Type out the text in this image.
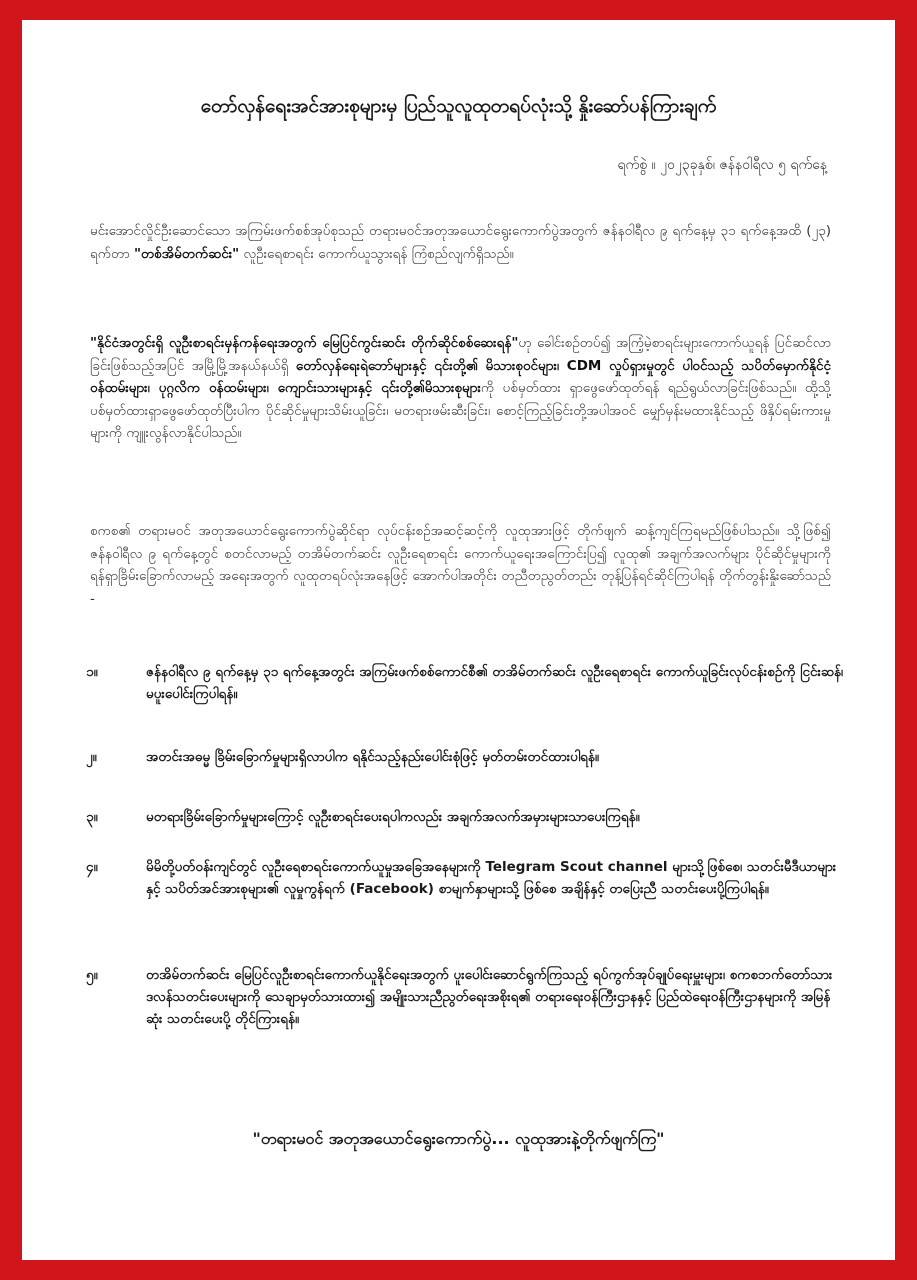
တော်လှန်ရေးအင်အားစုများမှ ပြည်သူလူထုတရပ်လုံးသို့ နှိုးဆော်ပန်ကြားချက်
ရက်စွဲ ။ ၂၀၂၃ခုနှစ်၊ ဇန်နဝါရီလ ၅ ရက်နေ့
မင်းအောင်လှိုင်ဦးဆောင်သော အကြမ်းဖက်စစ်အုပ်စုသည် တရားမဝင်အတုအယောင်ရွေးကောက်ပွဲအတွက် ဇန်နဝါရီလ ၉ ရက်နေ့မှ ၃၁ ရက်နေ့အထိ (၂၃) ရက်တာ "တစ်အိမ်တက်ဆင်း" လူဦးရေစာရင်း ကောက်ယူသွားရန် ကြံစည်လျက်ရှိသည်။
"နိုင်ငံအတွင်းရှိ လူဦးစာရင်းမှန်ကန်ရေးအတွက် မြေပြင်ကွင်းဆင်း တိုက်ဆိုင်စစ်ဆေးရန်"ဟု ခေါင်းစဉ်တပ်၍ အကြံ့မဲ့စာရင်းများကောက်ယူရန် ပြင်ဆင်လာခြင်းဖြစ်သည့်အပြင် အမြို့မြို့အနယ်နယ်ရှိ တော်လှန်ရေးရဲဘော်များနှင့် ၎င်းတို့၏ မိသားစုဝင်များ၊ CDM လှုပ်ရှားမှုတွင် ပါဝင်သည့် သပိတ်မှောက်နိုင်ငံ့ဝန်ထမ်းများ၊ ပုဂ္ဂလိက ဝန်ထမ်းများ၊ ကျောင်းသားများနှင့် ၎င်းတို့၏မိသားစုများကို ပစ်မှတ်ထား ရှာဖွေဖော်ထုတ်ရန် ရည်ရွယ်လာခြင်းဖြစ်သည်။ ထို့သို့ ပစ်မှတ်ထားရှာဖွေဖော်ထုတ်ပြီးပါက ပိုင်ဆိုင်မှုများသိမ်းယူခြင်း၊ မတရားဖမ်းဆီးခြင်း၊ စောင့်ကြည့်ခြင်းတို့အပါအဝင် မျှော်မှန်းမထားနိုင်သည့် ဖိနှိပ်ရမ်းကားမှုများကို ကျူးလွန်လာနိုင်ပါသည်။
စကစ၏ တရားမဝင် အတုအယောင်ရွေးကောက်ပွဲဆိုင်ရာ လုပ်ငန်းစဉ်အဆင့်ဆင့်ကို လူထုအားဖြင့် တိုက်ဖျက် ဆန့်ကျင်ကြရမည်ဖြစ်ပါသည်။ သို့ဖြစ်၍ ဇန်နဝါရီလ ၉ ရက်နေ့တွင် စတင်လာမည့် တအိမ်တက်ဆင်း လူဦးရေစာရင်း ကောက်ယူရေးအကြောင်းပြ၍ လူထု၏ အချက်အလက်များ ပိုင်ဆိုင်မှုများကို ရန်ရှာခြိမ်းခြောက်လာမည့် အရေးအတွက် လူထုတရပ်လုံးအနေဖြင့် အောက်ပါအတိုင်း တညီတညွတ်တည်း တုန့်ပြန်ရင်ဆိုင်ကြပါရန် တိုက်တွန်းနှိုးဆော်သည် -
၁။	ဇန်နဝါရီလ ၉ ရက်နေ့မှ ၃၁ ရက်နေ့အတွင်း အကြမ်းဖက်စစ်ကောင်စီ၏ တအိမ်တက်ဆင်း လူဦးရေစာရင်း ကောက်ယူခြင်းလုပ်ငန်းစဉ်ကို ငြင်းဆန်၊ မပူးပေါင်းကြပါရန်။
၂။	အတင်းအဓမ္မ ခြိမ်းခြောက်မှုများရှိလာပါက ရနိုင်သည့်နည်းပေါင်းစုံဖြင့် မှတ်တမ်းတင်ထားပါရန်။
၃။	မတရားခြိမ်းခြောက်မှုများကြောင့် လူဦးစာရင်းပေးရပါကလည်း အချက်အလက်အမှားများသာပေးကြရန်။
၄။	မိမိတို့ပတ်ဝန်းကျင်တွင် လူဦးရေစာရင်းကောက်ယူမှုအခြေအနေများကို Telegram Scout channel များသို့ဖြစ်စေ၊ သတင်းမီဒီယာများနှင့် သပိတ်အင်အားစုများ၏ လူမှုကွန်ရက် (Facebook) စာမျက်နှာများသို့ ဖြစ်စေ အချိန်နှင့် တပြေးညီ သတင်းပေးပို့ကြပါရန်။
၅။	တအိမ်တက်ဆင်း မြေပြင်လူဦးစာရင်းကောက်ယူနိုင်ရေးအတွက် ပူးပေါင်းဆောင်ရွက်ကြသည့် ရပ်ကွက်အုပ်ချုပ်ရေးမှူးများ၊ စကစဘက်တော်သား ဒလန်သတင်းပေးများကို သေချာမှတ်သားထား၍ အမျိုးသားညီညွတ်ရေးအစိုးရ၏ တရားရေးဝန်ကြီးဌာနနှင့် ပြည်ထဲရေးဝန်ကြီးဌာနများကို အမြန်ဆုံး သတင်းပေးပို့ တိုင်ကြားရန်။
"တရားမဝင် အတုအယောင်ရွေးကောက်ပွဲ... လူထုအားနဲ့တိုက်ဖျက်ကြ"
